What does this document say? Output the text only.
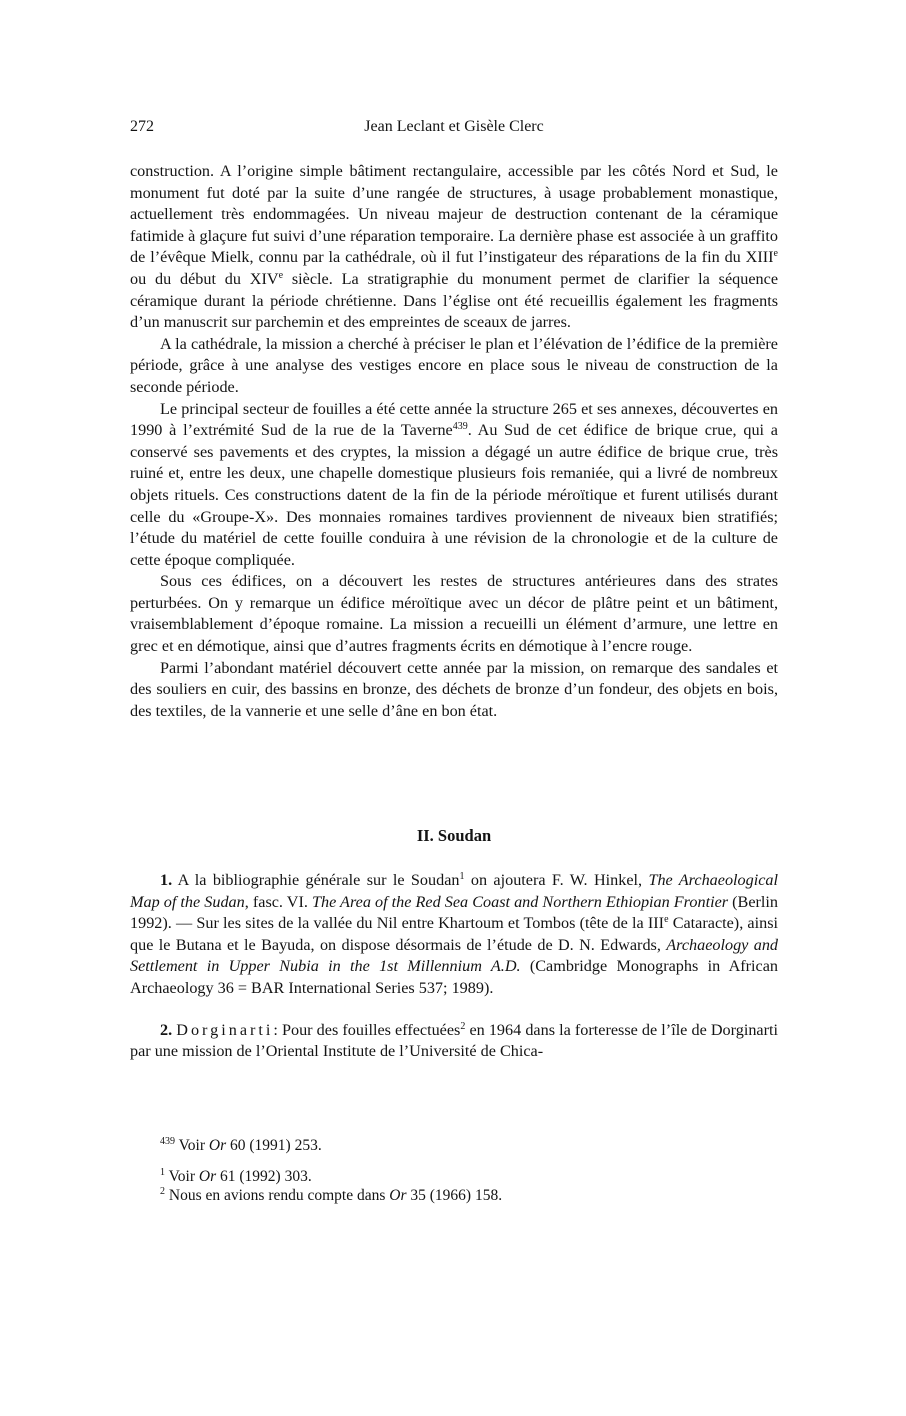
272	Jean Leclant et Gisèle Clerc

construction. A l’origine simple bâtiment rectangulaire, accessible par les côtés Nord et Sud, le monument fut doté par la suite d’une rangée de structures, à usage probablement monastique, actuellement très endommagées. Un niveau majeur de destruction contenant de la céramique fatimide à glaçure fut suivi d’une réparation temporaire. La dernière phase est associée à un graffito de l’évêque Mielk, connu par la cathédrale, où il fut l’instigateur des réparations de la fin du XIIIe ou du début du XIVe siècle. La stratigraphie du monument permet de clarifier la séquence céramique durant la période chrétienne. Dans l’église ont été recueillis également les fragments d’un manuscrit sur parchemin et des empreintes de sceaux de jarres.

A la cathédrale, la mission a cherché à préciser le plan et l’élévation de l’édifice de la première période, grâce à une analyse des vestiges encore en place sous le niveau de construction de la seconde période.

Le principal secteur de fouilles a été cette année la structure 265 et ses annexes, découvertes en 1990 à l’extrémité Sud de la rue de la Taverne$^{439}$. Au Sud de cet édifice de brique crue, qui a conservé ses pavements et des cryptes, la mission a dégagé un autre édifice de brique crue, très ruiné et, entre les deux, une chapelle domestique plusieurs fois remaniée, qui a livré de nombreux objets rituels. Ces constructions datent de la fin de la période méroïtique et furent utilisés durant celle du «Groupe-X». Des monnaies romaines tardives proviennent de niveaux bien stratifiés; l’étude du matériel de cette fouille conduira à une révision de la chronologie et de la culture de cette époque compliquée.

Sous ces édifices, on a découvert les restes de structures antérieures dans des strates perturbées. On y remarque un édifice méroïtique avec un décor de plâtre peint et un bâtiment, vraisemblablement d’époque romaine. La mission a recueilli un élément d’armure, une lettre en grec et en démotique, ainsi que d’autres fragments écrits en démotique à l’encre rouge.

Parmi l’abondant matériel découvert cette année par la mission, on remarque des sandales et des souliers en cuir, des bassins en bronze, des déchets de bronze d’un fondeur, des objets en bois, des textiles, de la vannerie et une selle d’âne en bon état.

II. Soudan

1. A la bibliographie générale sur le Soudan$^1$ on ajoutera F. W. Hinkel, The Archaeological Map of the Sudan, fasc. VI. The Area of the Red Sea Coast and Northern Ethiopian Frontier (Berlin 1992). — Sur les sites de la vallée du Nil entre Khartoum et Tombos (tête de la IIIe Cataracte), ainsi que le Butana et le Bayuda, on dispose désormais de l’étude de D. N. Edwards, Archaeology and Settlement in Upper Nubia in the 1st Millennium A.D. (Cambridge Monographs in African Archaeology 36 = BAR International Series 537; 1989).

2. Dorginarti: Pour des fouilles effectuées$^2$ en 1964 dans la forteresse de l’île de Dorginarti par une mission de l’Oriental Institute de l’Université de Chica-

$^{439}$ Voir Or 60 (1991) 253.
$^1$ Voir Or 61 (1992) 303.
$^2$ Nous en avions rendu compte dans Or 35 (1966) 158.
